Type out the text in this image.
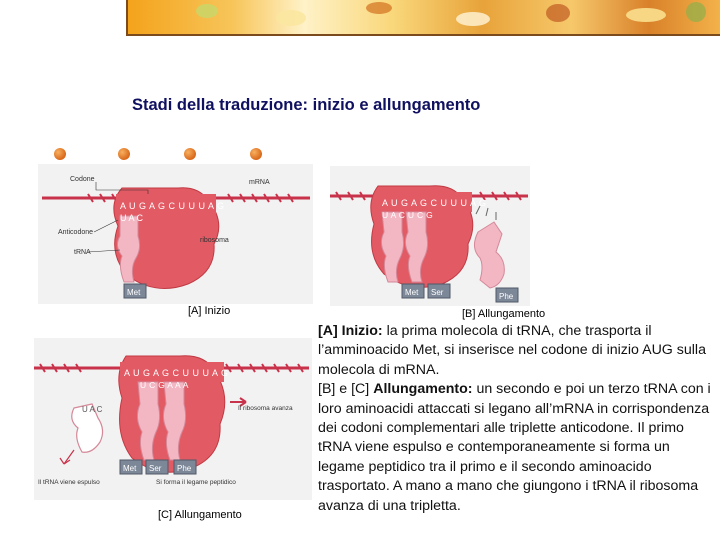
Stadi della traduzione: inizio e allungamento
A U G A G C U U U A G
U A C
Met
Codone	mRNA
Anticodone
tRNA
ribosoma
[A] Inizio
A U G A G C U U U A G
U A C U C G
Met Ser	Phe
[B] Allungamento
A U G A G C U U U A G
U C G A A A
U A C
Met Ser Phe
Il ribosoma avanza
Il tRNA viene espulso	Si forma il legame peptidico
[C] Allungamento

[A] Inizio: la prima molecola di tRNA, che trasporta il l’amminoacido Met, si inserisce nel codone di inizio AUG sulla molecola di mRNA.
[B] e [C] Allungamento: un secondo e poi un terzo tRNA con i loro aminoacidi attaccati si legano all’mRNA in corrispondenza dei codoni complementari alle triplette anticodone. Il primo tRNA viene espulso e contemporaneamente si forma un legame peptidico tra il primo e il secondo aminoacido trasportato. A mano a mano che giungono i tRNA il ribosoma avanza di una tripletta.
